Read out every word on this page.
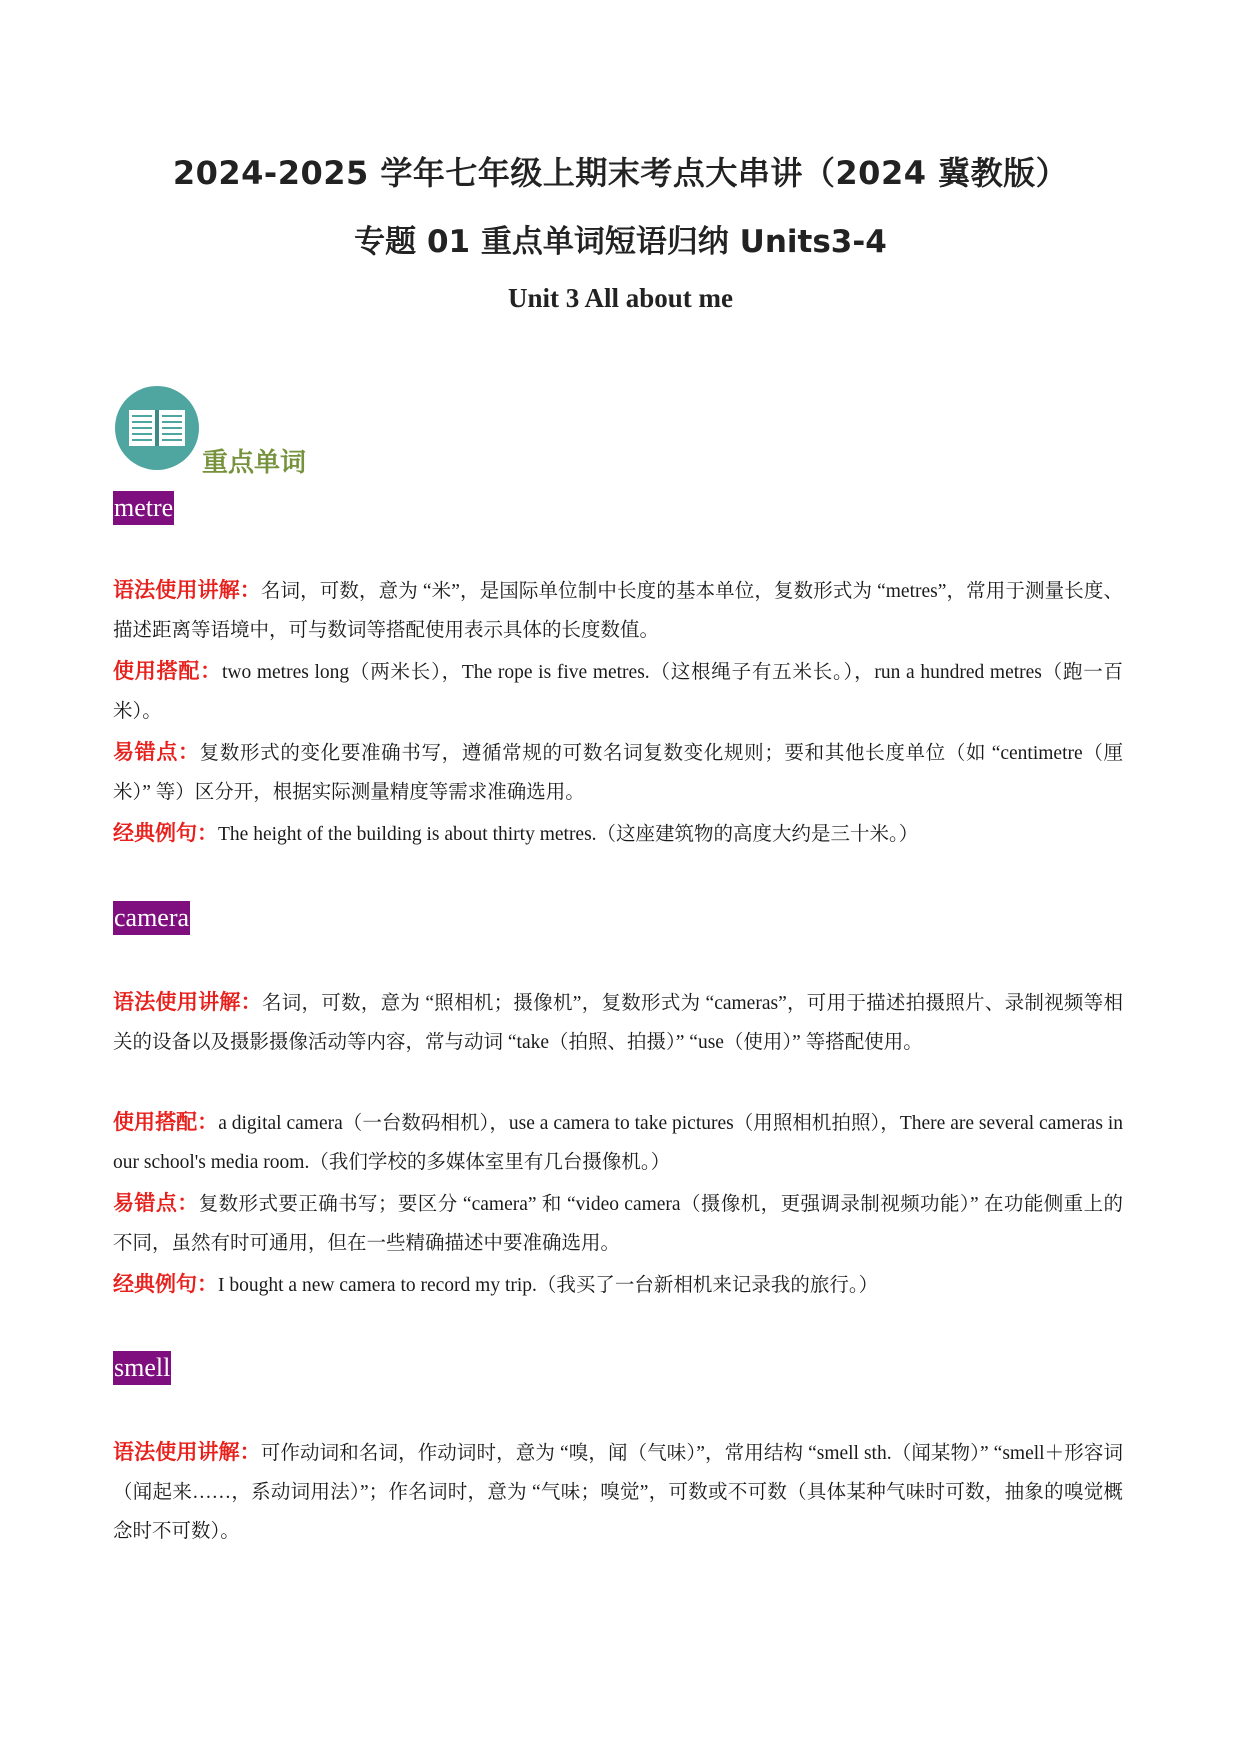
2024-2025 学年七年级上期末考点大串讲（2024 冀教版）
专题 01 重点单词短语归纳 Units3-4
Unit 3 All about me
重点单词
metre
语法使用讲解：名词，可数，意为 “米”，是国际单位制中长度的基本单位，复数形式为 “metres”，常用于测量长度、描述距离等语境中，可与数词等搭配使用表示具体的长度数值。
使用搭配：two metres long（两米长），The rope is five metres.（这根绳子有五米长。），run a hundred metres（跑一百米）。
易错点：复数形式的变化要准确书写，遵循常规的可数名词复数变化规则；要和其他长度单位（如 “centimetre（厘米）” 等）区分开，根据实际测量精度等需求准确选用。
经典例句：The height of the building is about thirty metres.（这座建筑物的高度大约是三十米。）
camera
语法使用讲解：名词，可数，意为 “照相机；摄像机”，复数形式为 “cameras”，可用于描述拍摄照片、录制视频等相关的设备以及摄影摄像活动等内容，常与动词 “take（拍照、拍摄）” “use（使用）” 等搭配使用。
使用搭配：a digital camera（一台数码相机），use a camera to take pictures（用照相机拍照），There are several cameras in our school's media room.（我们学校的多媒体室里有几台摄像机。）
易错点：复数形式要正确书写；要区分 “camera” 和 “video camera（摄像机，更强调录制视频功能）” 在功能侧重上的不同，虽然有时可通用，但在一些精确描述中要准确选用。
经典例句：I bought a new camera to record my trip.（我买了一台新相机来记录我的旅行。）
smell
语法使用讲解：可作动词和名词，作动词时，意为 “嗅，闻（气味）”，常用结构 “smell sth.（闻某物）” “smell＋形容词（闻起来……，系动词用法）”；作名词时，意为 “气味；嗅觉”，可数或不可数（具体某种气味时可数，抽象的嗅觉概念时不可数）。
